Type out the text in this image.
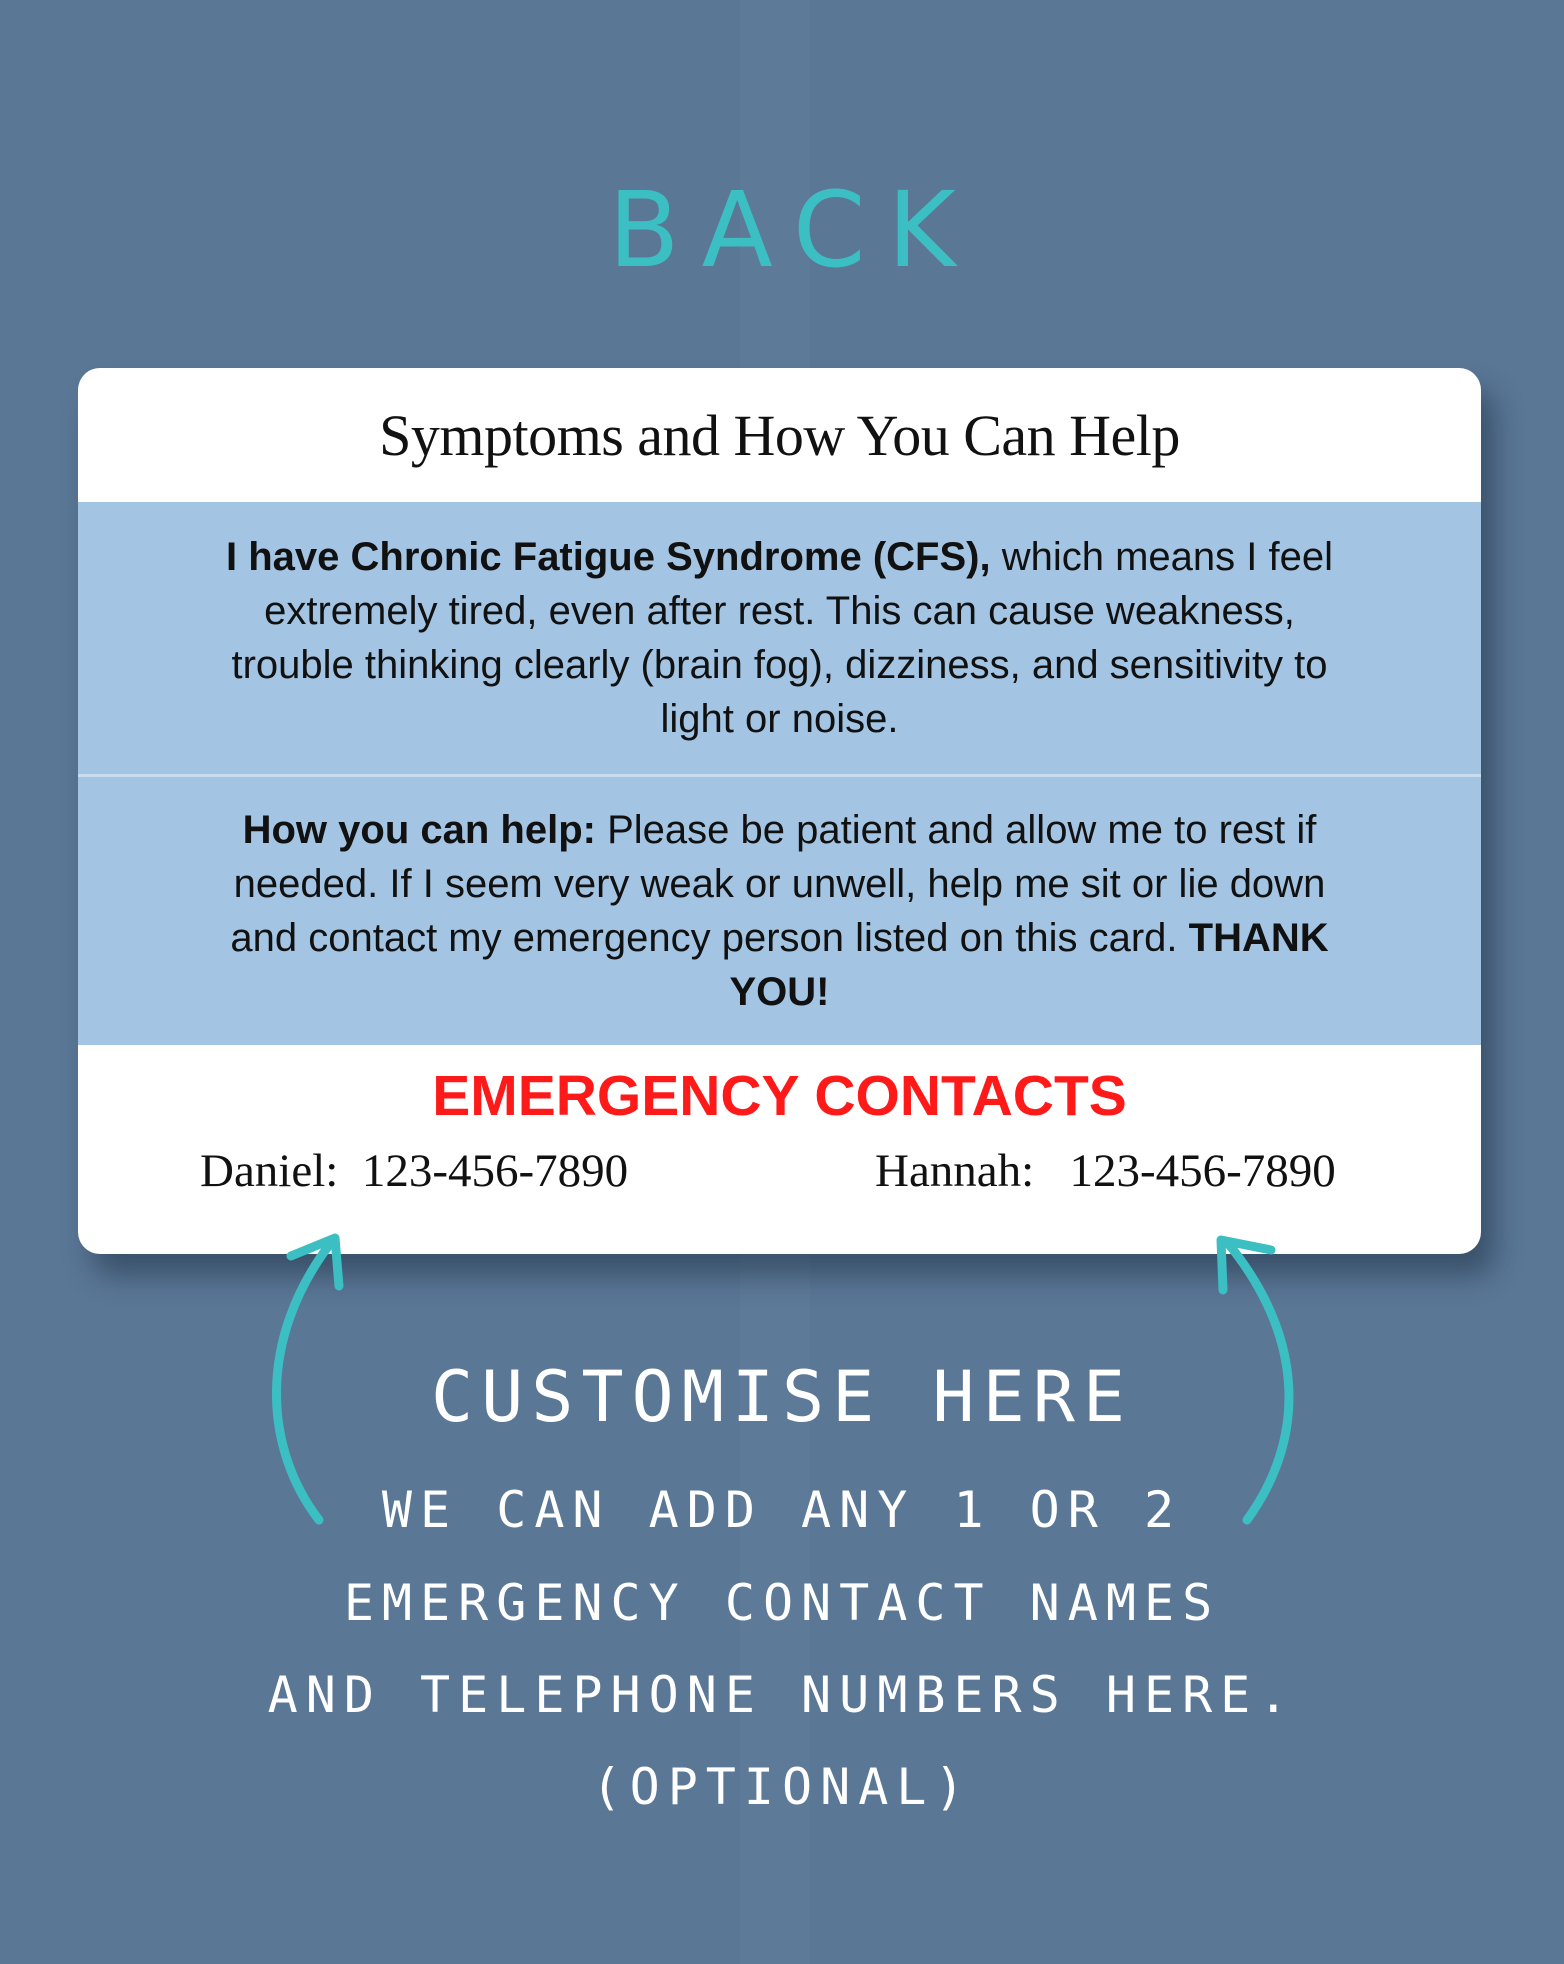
BACK
Symptoms and How You Can Help
I have Chronic Fatigue Syndrome (CFS), which means I feel extremely tired, even after rest. This can cause weakness, trouble thinking clearly (brain fog), dizziness, and sensitivity to light or noise.
How you can help: Please be patient and allow me to rest if needed. If I seem very weak or unwell, help me sit or lie down and contact my emergency person listed on this card. THANK YOU!
EMERGENCY CONTACTS
Daniel:  123-456-7890	Hannah:   123-456-7890
CUSTOMISE HERE
WE CAN ADD ANY 1 OR 2
EMERGENCY CONTACT NAMES
AND TELEPHONE NUMBERS HERE.
(OPTIONAL)
